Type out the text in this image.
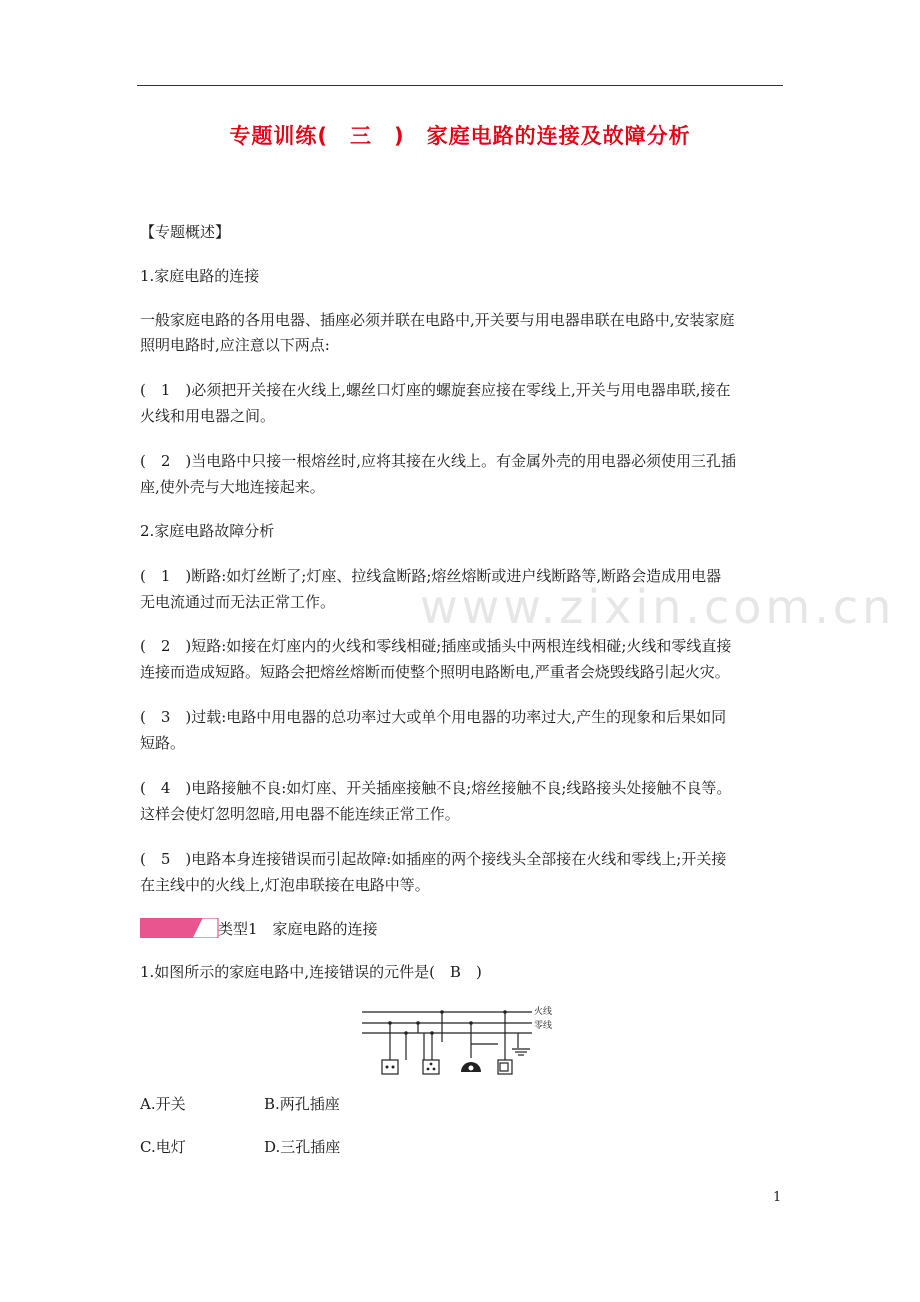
专题训练(　三　)　家庭电路的连接及故障分析
www.zixin.com.cn
【专题概述】
1.家庭电路的连接
一般家庭电路的各用电器、插座必须并联在电路中,开关要与用电器串联在电路中,安装家庭
照明电路时,应注意以下两点:
(　1　)必须把开关接在火线上,螺丝口灯座的螺旋套应接在零线上,开关与用电器串联,接在
火线和用电器之间。
(　2　)当电路中只接一根熔丝时,应将其接在火线上。有金属外壳的用电器必须使用三孔插
座,使外壳与大地连接起来。
2.家庭电路故障分析
(　1　)断路:如灯丝断了;灯座、拉线盒断路;熔丝熔断或进户线断路等,断路会造成用电器
无电流通过而无法正常工作。
(　2　)短路:如接在灯座内的火线和零线相碰;插座或插头中两根连线相碰;火线和零线直接
连接而造成短路。短路会把熔丝熔断而使整个照明电路断电,严重者会烧毁线路引起火灾。
(　3　)过载:电路中用电器的总功率过大或单个用电器的功率过大,产生的现象和后果如同
短路。
(　4　)电路接触不良:如灯座、开关插座接触不良;熔丝接触不良;线路接头处接触不良等。
这样会使灯忽明忽暗,用电器不能连续正常工作。
(　5　)电路本身连接错误而引起故障:如插座的两个接线头全部接在火线和零线上;开关接
在主线中的火线上,灯泡串联接在电路中等。
类型1　家庭电路的连接
1.如图所示的家庭电路中,连接错误的元件是(　B　)
火线
零线
A.开关	B.两孔插座
C.电灯	D.三孔插座
1
